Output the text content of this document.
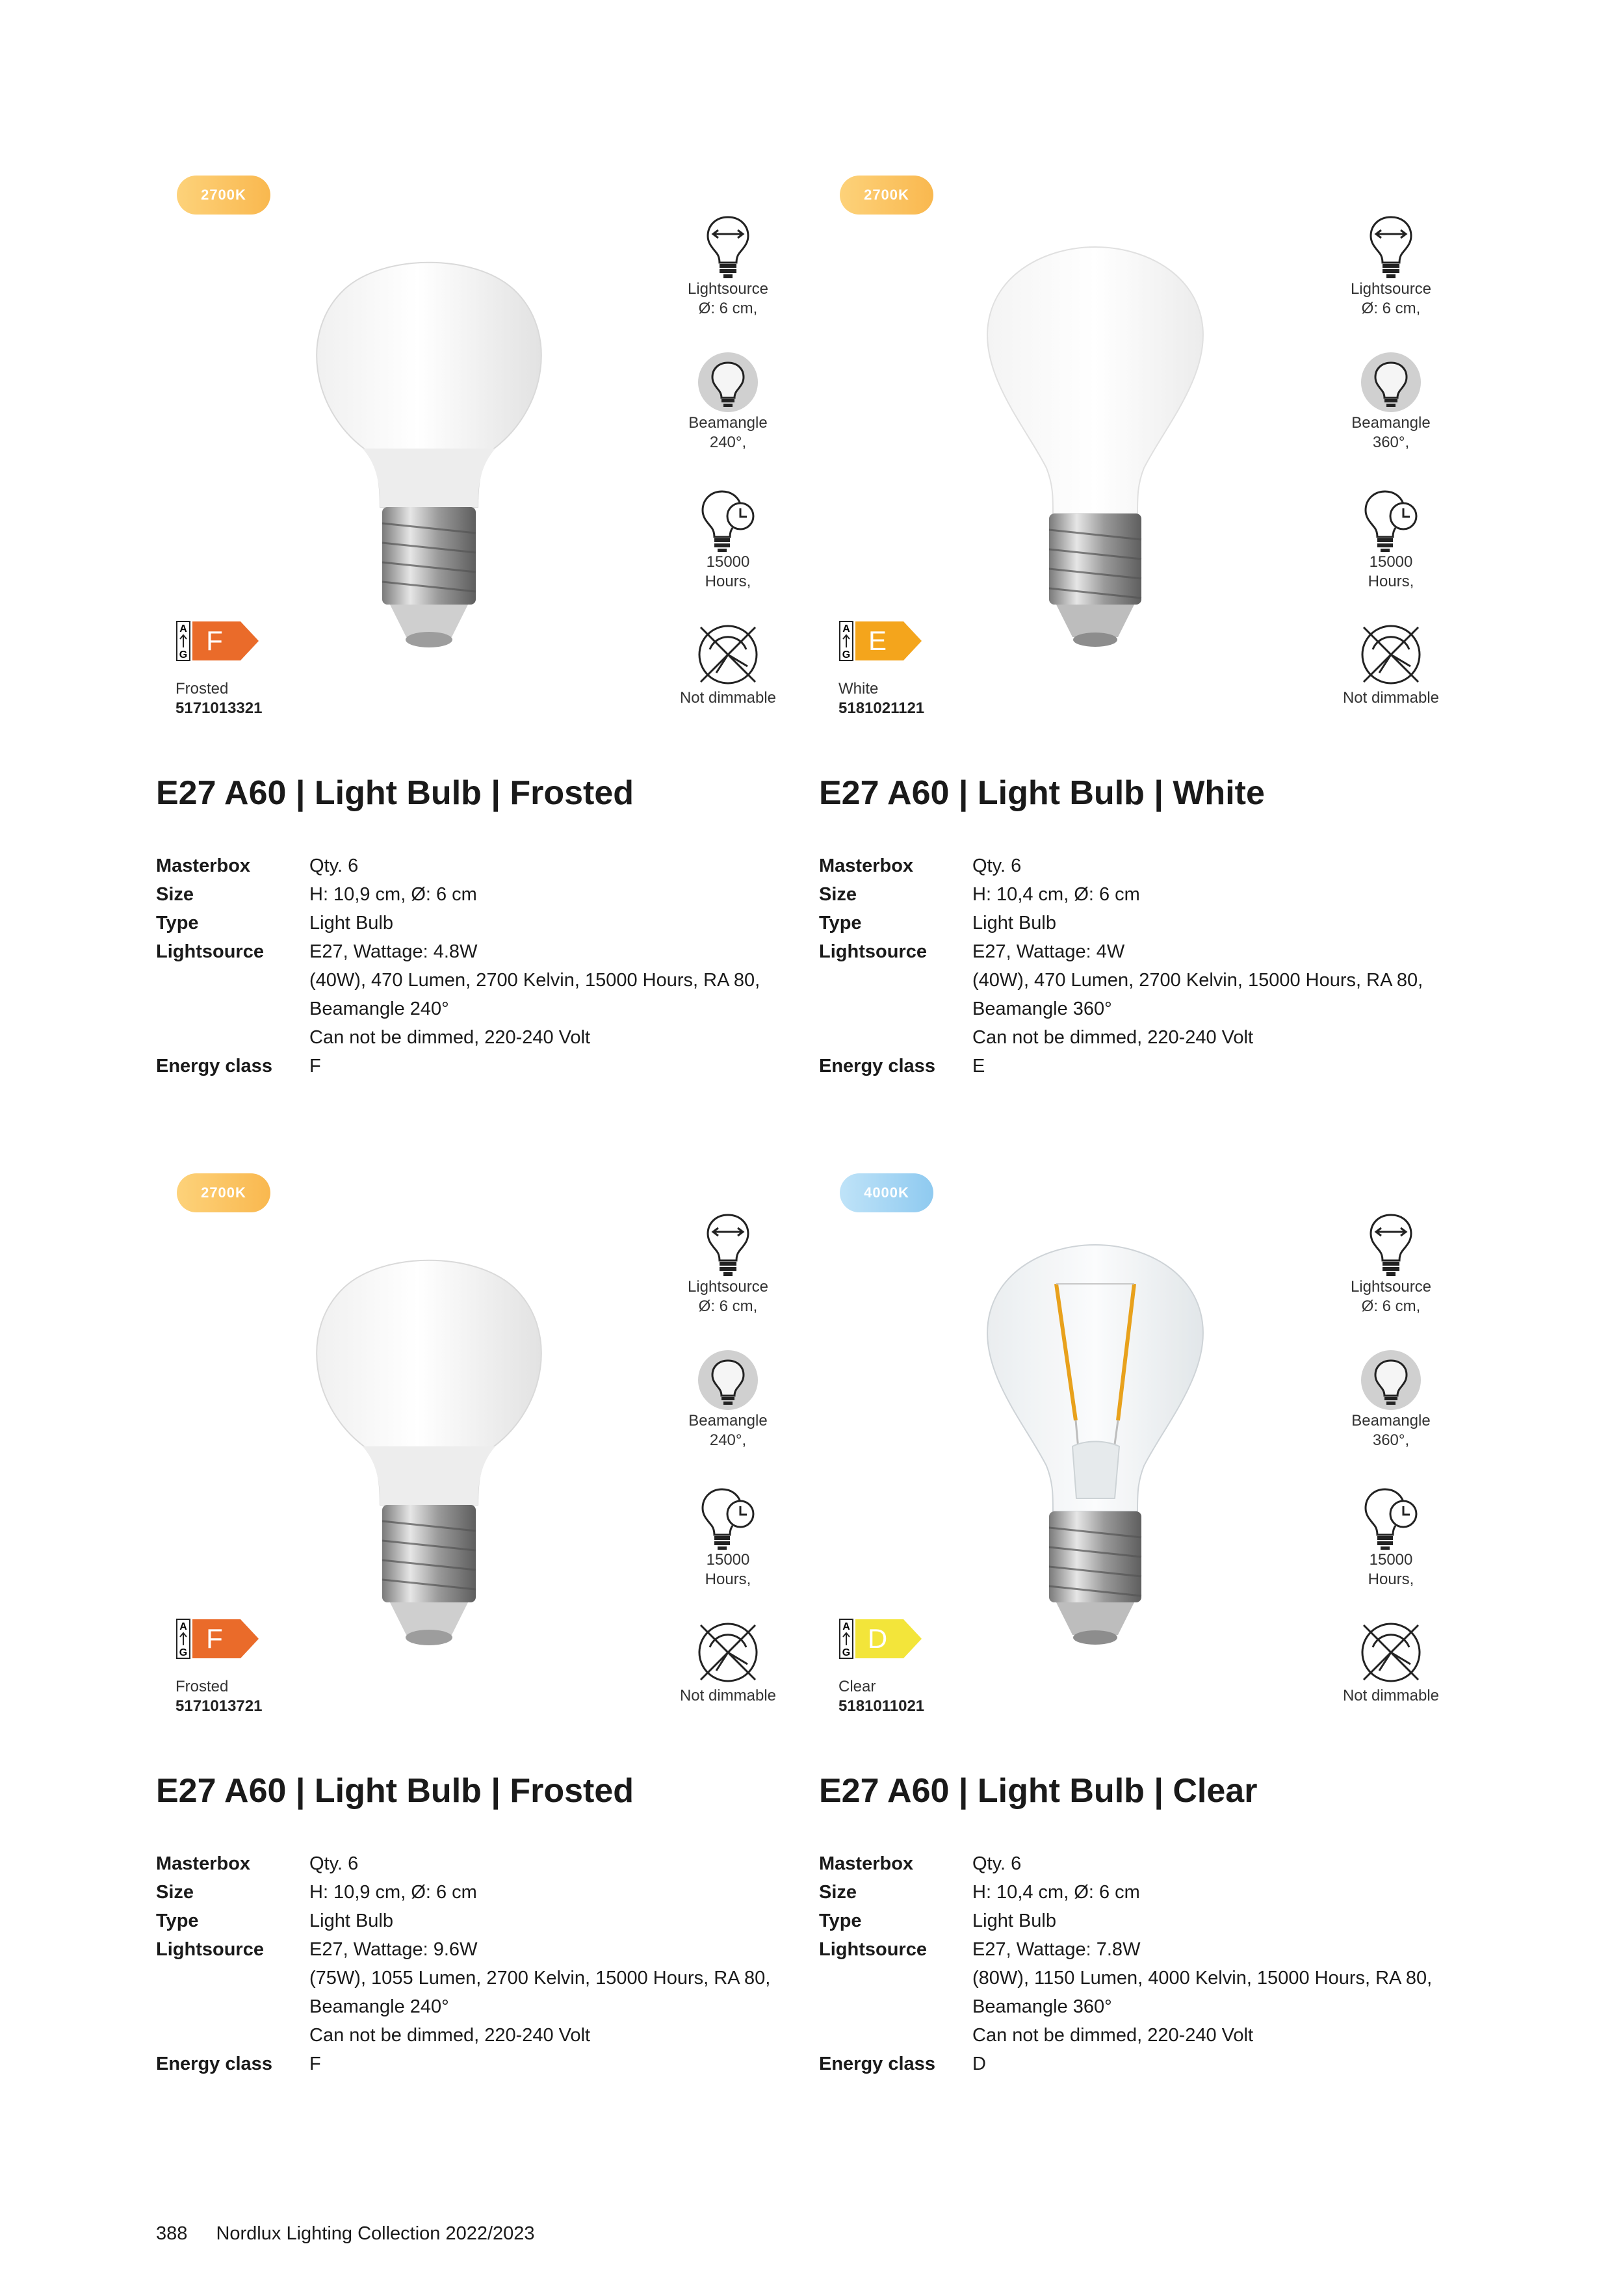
2700K
Lightsource
Ø: 6 cm,
Beamangle
240°,
15000
Hours,
Not dimmable
A
G F
Frosted
5171013321
E27 A60 | Light Bulb | Frosted
Masterbox	Qty. 6
Size	H: 10,9 cm, Ø: 6 cm
Type	Light Bulb
Lightsource	E27, Wattage: 4.8W
(40W), 470 Lumen, 2700 Kelvin, 15000 Hours, RA 80,
Beamangle 240°
Can not be dimmed, 220-240 Volt
Energy class	F
2700K
Lightsource
Ø: 6 cm,
Beamangle
360°,
15000
Hours,
Not dimmable
A
G E
White
5181021121
E27 A60 | Light Bulb | White
Masterbox	Qty. 6
Size	H: 10,4 cm, Ø: 6 cm
Type	Light Bulb
Lightsource	E27, Wattage: 4W
(40W), 470 Lumen, 2700 Kelvin, 15000 Hours, RA 80,
Beamangle 360°
Can not be dimmed, 220-240 Volt
Energy class	E
2700K
Lightsource
Ø: 6 cm,
Beamangle
240°,
15000
Hours,
Not dimmable
A
G F
Frosted
5171013721
E27 A60 | Light Bulb | Frosted
Masterbox	Qty. 6
Size	H: 10,9 cm, Ø: 6 cm
Type	Light Bulb
Lightsource	E27, Wattage: 9.6W
(75W), 1055 Lumen, 2700 Kelvin, 15000 Hours, RA 80,
Beamangle 240°
Can not be dimmed, 220-240 Volt
Energy class	F
4000K
Lightsource
Ø: 6 cm,
Beamangle
360°,
15000
Hours,
Not dimmable
A
G D
Clear
5181011021
E27 A60 | Light Bulb | Clear
Masterbox	Qty. 6
Size	H: 10,4 cm, Ø: 6 cm
Type	Light Bulb
Lightsource	E27, Wattage: 7.8W
(80W), 1150 Lumen, 4000 Kelvin, 15000 Hours, RA 80,
Beamangle 360°
Can not be dimmed, 220-240 Volt
Energy class	D
388 Nordlux Lighting Collection 2022/2023
